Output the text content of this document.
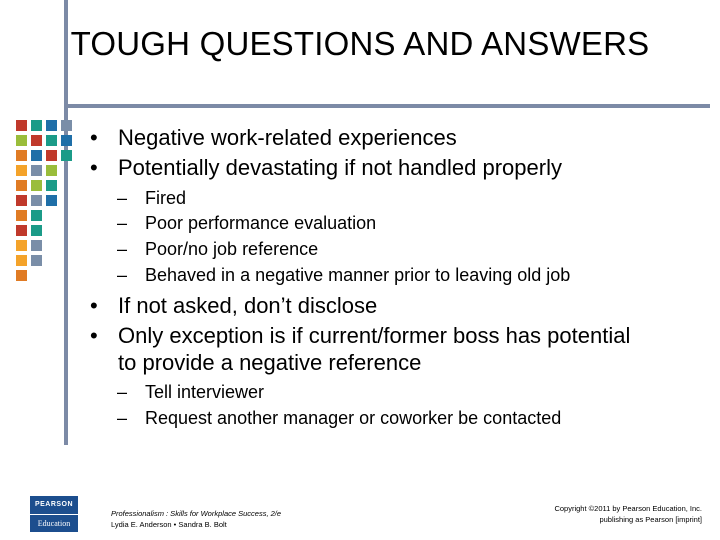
TOUGH QUESTIONS AND ANSWERS
• Negative work-related experiences
• Potentially devastating if not handled properly
– Fired
– Poor performance evaluation
– Poor/no job reference
– Behaved in a negative manner prior to leaving old job
• If not asked, don’t disclose
• Only exception is if current/former boss has potential
to provide a negative reference
– Tell interviewer
– Request another manager or coworker be contacted
PEARSON
Education
Professionalism : Skills for Workplace Success, 2/e
Lydia E. Anderson • Sandra B. Bolt
Copyright ©2011 by Pearson Education, Inc.
publishing as Pearson [imprint]
